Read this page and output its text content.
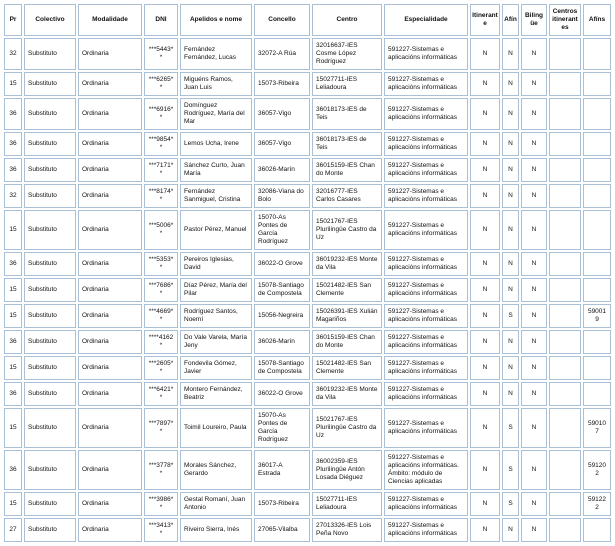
Pr	Colectivo	Modalidade	DNI	Apelidos e nome	Concello	Centro	Especialidade	Itinerante	Afín	Bilingüe	Centros itinerantes	Afíns
32	Substituto	Ordinaria	***5443**	Fernández Fernández, Lucas	32072-A Rúa	32016637-IES Cosme López Rodríguez	591227-Sistemas e aplicacións informáticas	N	N	N		
15	Substituto	Ordinaria	***6265**	Miguéns Ramos, Juan Luis	15073-Ribeira	15027711-IES Leliadoura	591227-Sistemas e aplicacións informáticas	N	N	N		
36	Substituto	Ordinaria	***6916**	Domínguez Rodríguez, María del Mar	36057-Vigo	36018173-IES de Teis	591227-Sistemas e aplicacións informáticas	N	N	N		
36	Substituto	Ordinaria	***9854**	Lemos Ucha, Irene	36057-Vigo	36018173-IES de Teis	591227-Sistemas e aplicacións informáticas	N	N	N		
36	Substituto	Ordinaria	***7171**	Sánchez Curto, Juan María	36026-Marín	36015159-IES Chan do Monte	591227-Sistemas e aplicacións informáticas	N	N	N		
32	Substituto	Ordinaria	***8174**	Fernández Sanmiguel, Cristina	32086-Viana do Bolo	32016777-IES Carlos Casares	591227-Sistemas e aplicacións informáticas	N	N	N		
15	Substituto	Ordinaria	***5006**	Pastor Pérez, Manuel	15070-As Pontes de García Rodríguez	15021767-IES Plurilingüe Castro da Uz	591227-Sistemas e aplicacións informáticas	N	N	N		
36	Substituto	Ordinaria	***5353**	Pereiros Iglesias, David	36022-O Grove	36019232-IES Monte da Vila	591227-Sistemas e aplicacións informáticas	N	N	N		
15	Substituto	Ordinaria	***7686**	Díaz Pérez, María del Pilar	15078-Santiago de Compostela	15021482-IES San Clemente	591227-Sistemas e aplicacións informáticas	N	N	N		
15	Substituto	Ordinaria	***4669**	Rodríguez Santos, Noemí	15056-Negreira	15026391-IES Xulián Magariños	591227-Sistemas e aplicacións informáticas	N	S	N		590019
36	Substituto	Ordinaria	****4162*	Do Vale Varela, María Jeny	36026-Marín	36015159-IES Chan do Monte	591227-Sistemas e aplicacións informáticas	N	N	N		
15	Substituto	Ordinaria	***2605**	Fondevila Gómez, Javier	15078-Santiago de Compostela	15021482-IES San Clemente	591227-Sistemas e aplicacións informáticas	N	N	N		
36	Substituto	Ordinaria	***6421**	Montero Fernández, Beatriz	36022-O Grove	36019232-IES Monte da Vila	591227-Sistemas e aplicacións informáticas	N	N	N		
15	Substituto	Ordinaria	***7897**	Toimil Loureiro, Paula	15070-As Pontes de García Rodríguez	15021767-IES Plurilingüe Castro da Uz	591227-Sistemas e aplicacións informáticas	N	S	N		590107
36	Substituto	Ordinaria	***3778**	Morales Sánchez, Gerardo	36017-A Estrada	36002359-IES Plurilingüe Antón Losada Diéguez	591227-Sistemas e aplicacións informáticas. Ámbito: módulo de Ciencias aplicadas	N	S	N		591202
15	Substituto	Ordinaria	***3986**	Gestal Romaní, Juan Antonio	15073-Ribeira	15027711-IES Leliadoura	591227-Sistemas e aplicacións informáticas	N	S	N		591222
27	Substituto	Ordinaria	***3413**	Riveiro Sierra, Inés	27065-Vilalba	27013326-IES Lois Peña Novo	591227-Sistemas e aplicacións informáticas	N	N	N		
